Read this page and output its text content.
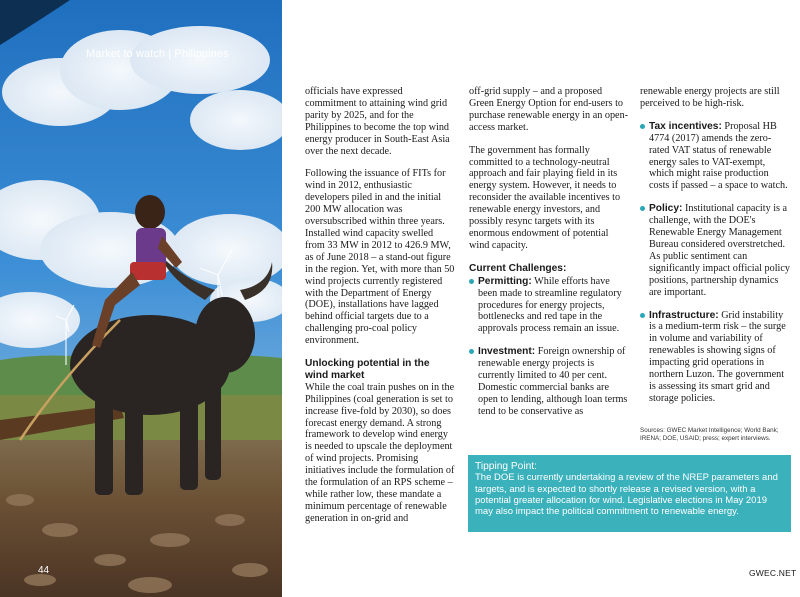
Market to watch | Philippines
44

officials have expressed commitment to attaining wind grid parity by 2025, and for the Philippines to become the top wind energy producer in South-East Asia over the next decade.

Following the issuance of FITs for wind in 2012, enthusiastic developers piled in and the initial 200 MW allocation was oversubscribed within three years. Installed wind capacity swelled from 33 MW in 2012 to 426.9 MW, as of June 2018 – a stand-out figure in the region. Yet, with more than 50 wind projects currently registered with the Department of Energy (DOE), installations have lagged behind official targets due to a challenging pro-coal policy environment.

Unlocking potential in the wind market

While the coal train pushes on in the Philippines (coal generation is set to increase five-fold by 2030), so does forecast energy demand. A strong framework to develop wind energy is needed to upscale the deployment of wind projects. Promising initiatives include the formulation of the formulation of an RPS scheme – while rather low, these mandate a minimum percentage of renewable generation in on-grid and

off-grid supply – and a proposed Green Energy Option for end-users to purchase renewable energy in an open-access market.

The government has formally committed to a technology-neutral approach and fair playing field in its energy system. However, it needs to reconsider the available incentives to renewable energy investors, and possibly resync targets with its enormous endowment of potential wind capacity.

Current Challenges:
Permitting: While efforts have been made to streamline regulatory procedures for energy projects, bottlenecks and red tape in the approvals process remain an issue.
Investment: Foreign ownership of renewable energy projects is currently limited to 40 per cent. Domestic commercial banks are open to lending, although loan terms tend to be conservative as

renewable energy projects are still perceived to be high-risk.

Tax incentives: Proposal HB 4774 (2017) amends the zero-rated VAT status of renewable energy sales to VAT-exempt, which might raise production costs if passed – a space to watch.
Policy: Institutional capacity is a challenge, with the DOE's Renewable Energy Management Bureau considered overstretched. As public sentiment can significantly impact official policy positions, partnership dynamics are important.
Infrastructure: Grid instability is a medium-term risk – the surge in volume and variability of renewables is showing signs of impacting grid operations in northern Luzon. The government is assessing its smart grid and storage policies.
Sources: GWEC Market Intelligence; World Bank; IRENA; DOE, USAID; press; expert interviews.
Tipping Point:
The DOE is currently undertaking a review of the NREP parameters and targets, and is expected to shortly release a revised version, with a potential greater allocation for wind. Legislative elections in May 2019 may also impact the political commitment to renewable energy.
GWEC.NET
